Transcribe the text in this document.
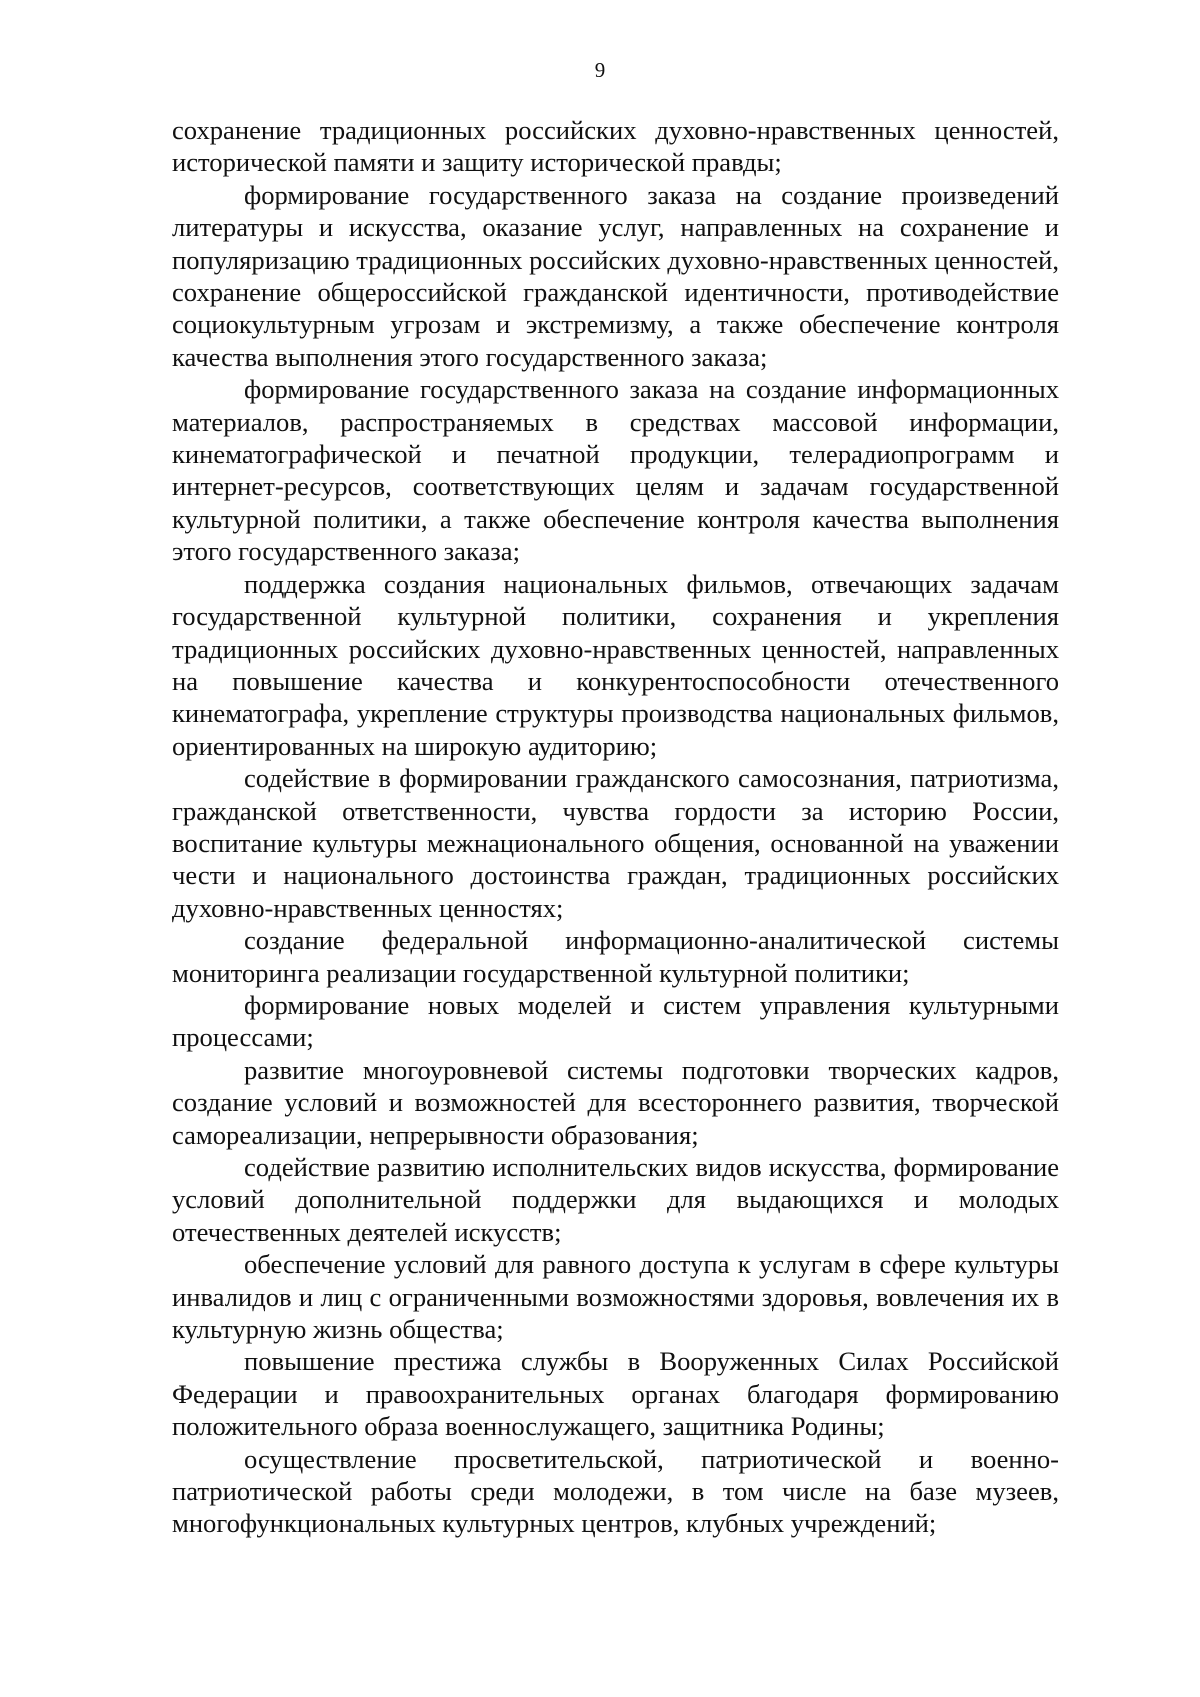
9

сохранение традиционных российских духовно-нравственных ценностей, исторической памяти и защиту исторической правды;

формирование государственного заказа на создание произведений литературы и искусства, оказание услуг, направленных на сохранение и популяризацию традиционных российских духовно-нравственных ценностей, сохранение общероссийской гражданской идентичности, противодействие социокультурным угрозам и экстремизму, а также обеспечение контроля качества выполнения этого государственного заказа;

формирование государственного заказа на создание информационных материалов, распространяемых в средствах массовой информации, кинематографической и печатной продукции, телерадиопрограмм и интернет-ресурсов, соответствующих целям и задачам государственной культурной политики, а также обеспечение контроля качества выполнения этого государственного заказа;

поддержка создания национальных фильмов, отвечающих задачам государственной культурной политики, сохранения и укрепления традиционных российских духовно-нравственных ценностей, направленных на повышение качества и конкурентоспособности отечественного кинематографа, укрепление структуры производства национальных фильмов, ориентированных на широкую аудиторию;

содействие в формировании гражданского самосознания, патриотизма, гражданской ответственности, чувства гордости за историю России, воспитание культуры межнационального общения, основанной на уважении чести и национального достоинства граждан, традиционных российских духовно-нравственных ценностях;

создание федеральной информационно-аналитической системы мониторинга реализации государственной культурной политики;

формирование новых моделей и систем управления культурными процессами;

развитие многоуровневой системы подготовки творческих кадров, создание условий и возможностей для всестороннего развития, творческой самореализации, непрерывности образования;

содействие развитию исполнительских видов искусства, формирование условий дополнительной поддержки для выдающихся и молодых отечественных деятелей искусств;

обеспечение условий для равного доступа к услугам в сфере культуры инвалидов и лиц с ограниченными возможностями здоровья, вовлечения их в культурную жизнь общества;

повышение престижа службы в Вооруженных Силах Российской Федерации и правоохранительных органах благодаря формированию положительного образа военнослужащего, защитника Родины;

осуществление просветительской, патриотической и военно-патриотической работы среди молодежи, в том числе на базе музеев, многофункциональных культурных центров, клубных учреждений;
